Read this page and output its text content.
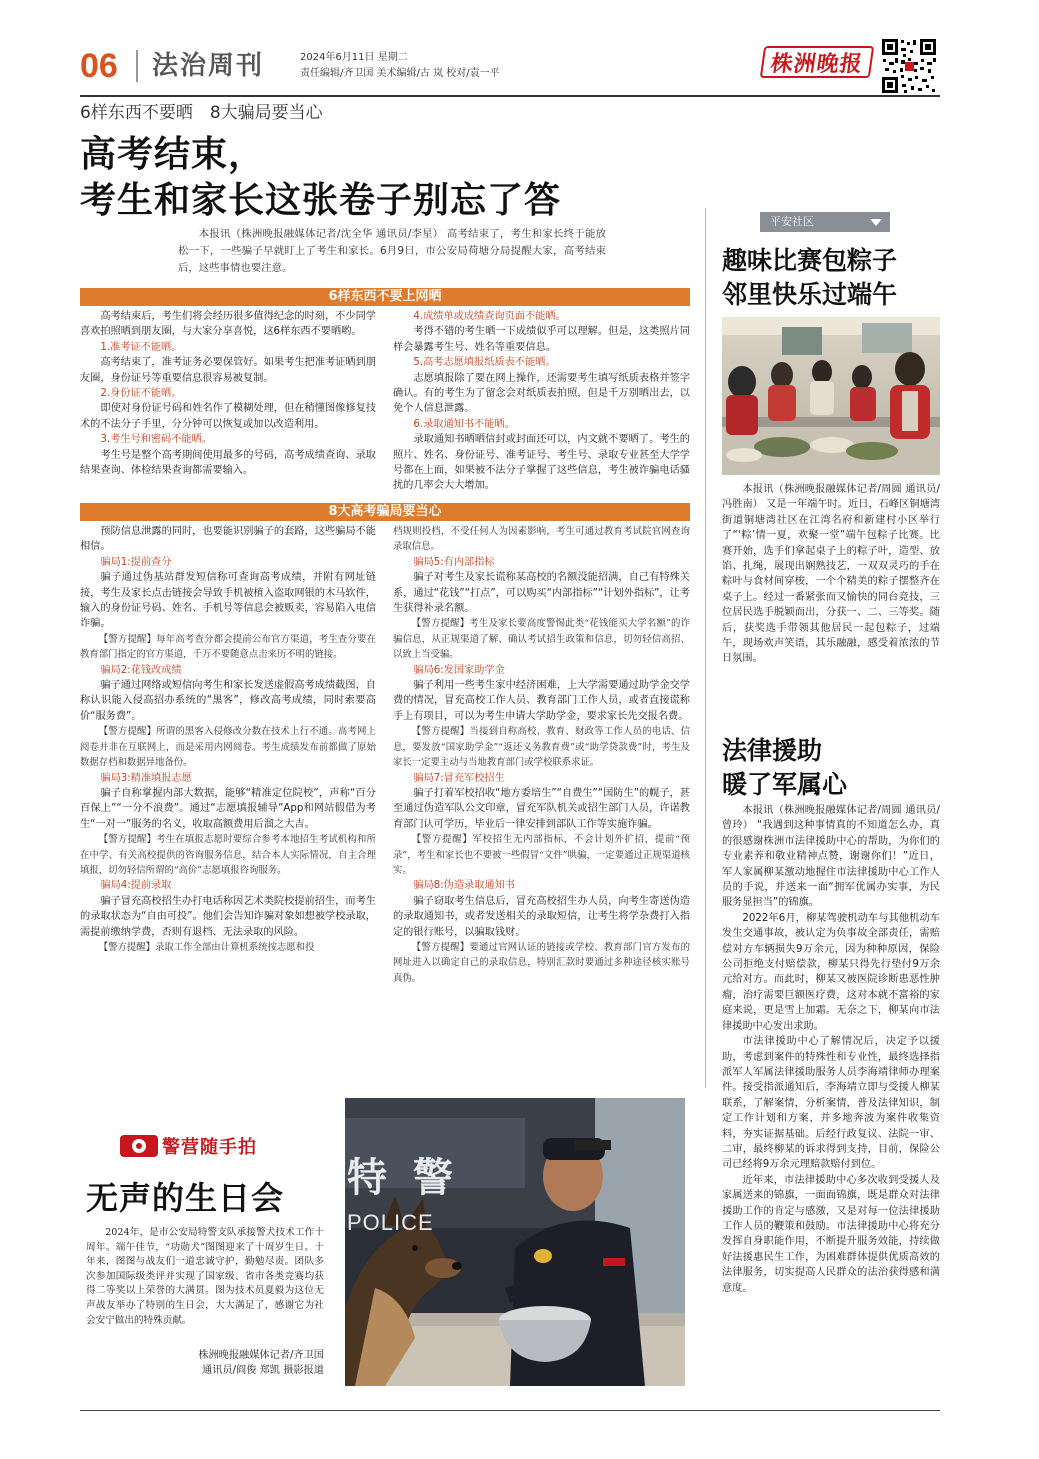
06 法治周刊	2024年6月11日 星期二
责任编辑/齐卫国 美术编辑/古 岚 校对/袁一平	株洲晚报
6样东西不要晒　8大骗局要当心
高考结束，
考生和家长这张卷子别忘了答
本报讯（株洲晚报融媒体记者/沈全华 通讯员/李星） 高考结束了，考生和家长终于能放松一下，一些骗子早就盯上了考生和家长。6月9日，市公安局荷塘分局提醒大家，高考结束后，这些事情也要注意。
6样东西不要上网晒

高考结束后，考生们将会经历很多值得纪念的时刻，不少同学喜欢拍照晒到朋友圈，与大家分享喜悦，这6样东西不要晒哟。

1.准考证不能晒。

高考结束了，准考证务必要保管好。如果考生把准考证晒到朋友圈，身份证号等重要信息很容易被复制。

2.身份证不能晒。

即使对身份证号码和姓名作了模糊处理，但在稍懂图像修复技术的不法分子手里，分分钟可以恢复或加以改造利用。

3.考生号和密码不能晒。

考生号是整个高考期间使用最多的号码，高考成绩查询、录取结果查询、体检结果查询都需要输入。

4.成绩单或成绩查询页面不能晒。

考得不错的考生晒一下成绩似乎可以理解。但是，这类照片同样会暴露考生号、姓名等重要信息。

5.高考志愿填报纸质表不能晒。

志愿填报除了要在网上操作，还需要考生填写纸质表格并签字确认。有的考生为了留念会对纸质表拍照，但是千万别晒出去，以免个人信息泄露。

6.录取通知书不能晒。

录取通知书晒晒信封或封面还可以，内文就不要晒了。考生的照片、姓名、身份证号、准考证号、考生号、录取专业甚至大学学号都在上面，如果被不法分子掌握了这些信息，考生被诈骗电话骚扰的几率会大大增加。

8大高考骗局要当心

预防信息泄露的同时，也要能识别骗子的套路，这些骗局不能相信。

骗局1:提前查分

骗子通过伪基站群发短信称可查询高考成绩，并附有网址链接，考生及家长点击链接会导致手机被植入盗取网银的木马软件，输入的身份证号码、姓名、手机号等信息会被贩卖，容易陷入电信诈骗。

【警方提醒】每年高考查分都会提前公布官方渠道，考生查分要在教育部门指定的官方渠道，千万不要随意点击来历不明的链接。

骗局2:花钱改成绩

骗子通过网络或短信向考生和家长发送虚假高考成绩截图，自称认识能入侵高招办系统的“黑客”，修改高考成绩，同时索要高价“服务费”。

【警方提醒】所谓的黑客入侵修改分数在技术上行不通。高考网上阅卷并非在互联网上，而是采用内网阅卷。考生成绩发布前都做了原始数据存档和数据异地备份。

骗局3:精准填报志愿

骗子自称掌握内部大数据，能够“精准定位院校”，声称“百分百保上”“一分不浪费”。通过“志愿填报辅导”App和网站假借为考生“一对一”服务的名义，收取高额费用后溜之大吉。

【警方提醒】考生在填报志愿时要综合参考本地招生考试机构和所在中学、有关高校提供的咨询服务信息，结合本人实际情况，自主合理填报，切勿轻信所谓的“高价”志愿填报咨询服务。

骗局4:提前录取

骗子冒充高校招生办打电话称因艺术类院校提前招生，而考生的录取状态为“自由可投”。他们会告知诈骗对象如想被学校录取，需提前缴纳学费，否则有退档、无法录取的风险。

【警方提醒】录取工作全部由计算机系统按志愿和投

档规则投档，不受任何人为因素影响，考生可通过教育考试院官网查询录取信息。

骗局5:有内部指标

骗子对考生及家长谎称某高校的名额没能招满，自己有特殊关系，通过“花钱”“打点”，可以购买“内部指标”“计划外指标”，让考生获得补录名额。

【警方提醒】考生及家长要高度警惕此类“花钱能买大学名额”的诈骗信息，从正规渠道了解、确认考试招生政策和信息，切勿轻信高招、以致上当受骗。

骗局6:发国家助学金

骗子利用一些考生家中经济困难，上大学需要通过助学金交学费的情况，冒充高校工作人员、教育部门工作人员，或者直接谎称手上有项目，可以为考生申请大学助学金，要求家长先交报名费。

【警方提醒】当接到自称高校、教育、财政等工作人员的电话、信息，要发放“国家助学金”“返还义务教育费”或“助学贷款费”时，考生及家长一定要主动与当地教育部门或学校联系求证。

骗局7:冒充军校招生

骗子打着军校招收“地方委培生”“自费生”“国防生”的幌子，甚至通过伪造军队公文印章，冒充军队机关或招生部门人员，许诺教育部门认可学历，毕业后一律安排到部队工作等实施诈骗。

【警方提醒】军校招生无内部指标，不会计划外扩招，提前“预录”，考生和家长也不要被一些假冒“文件”哄骗，一定要通过正规渠道核实。

骗局8:伪造录取通知书

骗子窃取考生信息后，冒充高校招生办人员，向考生寄送伪造的录取通知书，或者发送相关的录取短信，让考生将学杂费打入指定的银行账号，以骗取钱财。

【警方提醒】要通过官网认证的链接或学校、教育部门官方发布的网址进入以确定自己的录取信息，特别汇款时要通过多种途径核实账号真伪。

平安社区
趣味比赛包粽子
邻里快乐过端午
本报讯（株洲晚报融媒体记者/周圆 通讯员/冯胜南） 又是一年端午时。近日，石峰区铜塘湾街道铜塘湾社区在江湾名府和新建村小区举行了“‘粽’情一夏，欢聚一堂”端午包粽子比赛。比赛开始，选手们拿起桌子上的粽子叶，造型、放馅、扎绳，展现出娴熟技艺，一双双灵巧的手在粽叶与食材间穿梭，一个个精美的粽子摆整齐在桌子上。经过一番紧张而又愉快的同台竞技，三位居民选手脱颖而出，分获一、二、三等奖。随后，获奖选手带领其他居民一起包粽子，过端午，现场欢声笑语，其乐融融，感受着浓浓的节日氛围。
法律援助
暖了军属心

本报讯（株洲晚报融媒体记者/周圆 通讯员/曾玲） “我遇到这种事情真的不知道怎么办，真的很感谢株洲市法律援助中心的帮助，为你们的专业素养和敬业精神点赞，谢谢你们！”近日，军人家属柳某激动地握住市法律援助中心工作人员的手说，并送来一面“拥军优属办实事，为民服务显担当”的锦旗。

2022年6月，柳某驾驶机动车与其他机动车发生交通事故，被认定为负事故全部责任，需赔偿对方车辆损失9万余元，因为种种原因，保险公司拒绝支付赔偿款，柳某只得先行垫付9万余元给对方。而此时，柳某又被医院诊断患恶性肿瘤，治疗需要巨额医疗费，这对本就不富裕的家庭来说，更是雪上加霜。无奈之下，柳某向市法律援助中心发出求助。

市法律援助中心了解情况后，决定予以援助，考虑到案件的特殊性和专业性，最终选择指派军人军属法律援助服务人员李海靖律师办理案件。接受指派通知后，李海靖立即与受援人柳某联系，了解案情，分析案情，普及法律知识，制定工作计划和方案，并多地奔波为案件收集资料，夯实证据基础。后经行政复议、法院一审、二审，最终柳某的诉求得到支持，目前，保险公司已经将9万余元理赔款赔付到位。

近年来，市法律援助中心多次收到受援人及家属送来的锦旗，一面面锦旗，既是群众对法律援助工作的肯定与感激，又是对每一位法律援助工作人员的鞭策和鼓励。市法律援助中心将充分发挥自身职能作用，不断提升服务效能，持续做好法援惠民生工作，为困难群体提供优质高效的法律服务，切实提高人民群众的法治获得感和满意度。

警营随手拍
无声的生日会
2024年，是市公安局特警支队承接警犬技术工作十周年。端午佳节，“功勋犬”图图迎来了十周岁生日。十年来，图图与战友们一道忠诚守护，勤勉尽责。团队多次参加国际级类评并实现了国家级、省市各类竞赛均获得二等奖以上荣誉的大满贯。图为技术员夏毅为这位无声战友举办了特别的生日会，大大满足了，感谢它为社会安宁做出的特殊贡献。
株洲晚报融媒体记者/齐卫国
通讯员/阎俊 郑凯 摄影报道
特 警
POLICE
